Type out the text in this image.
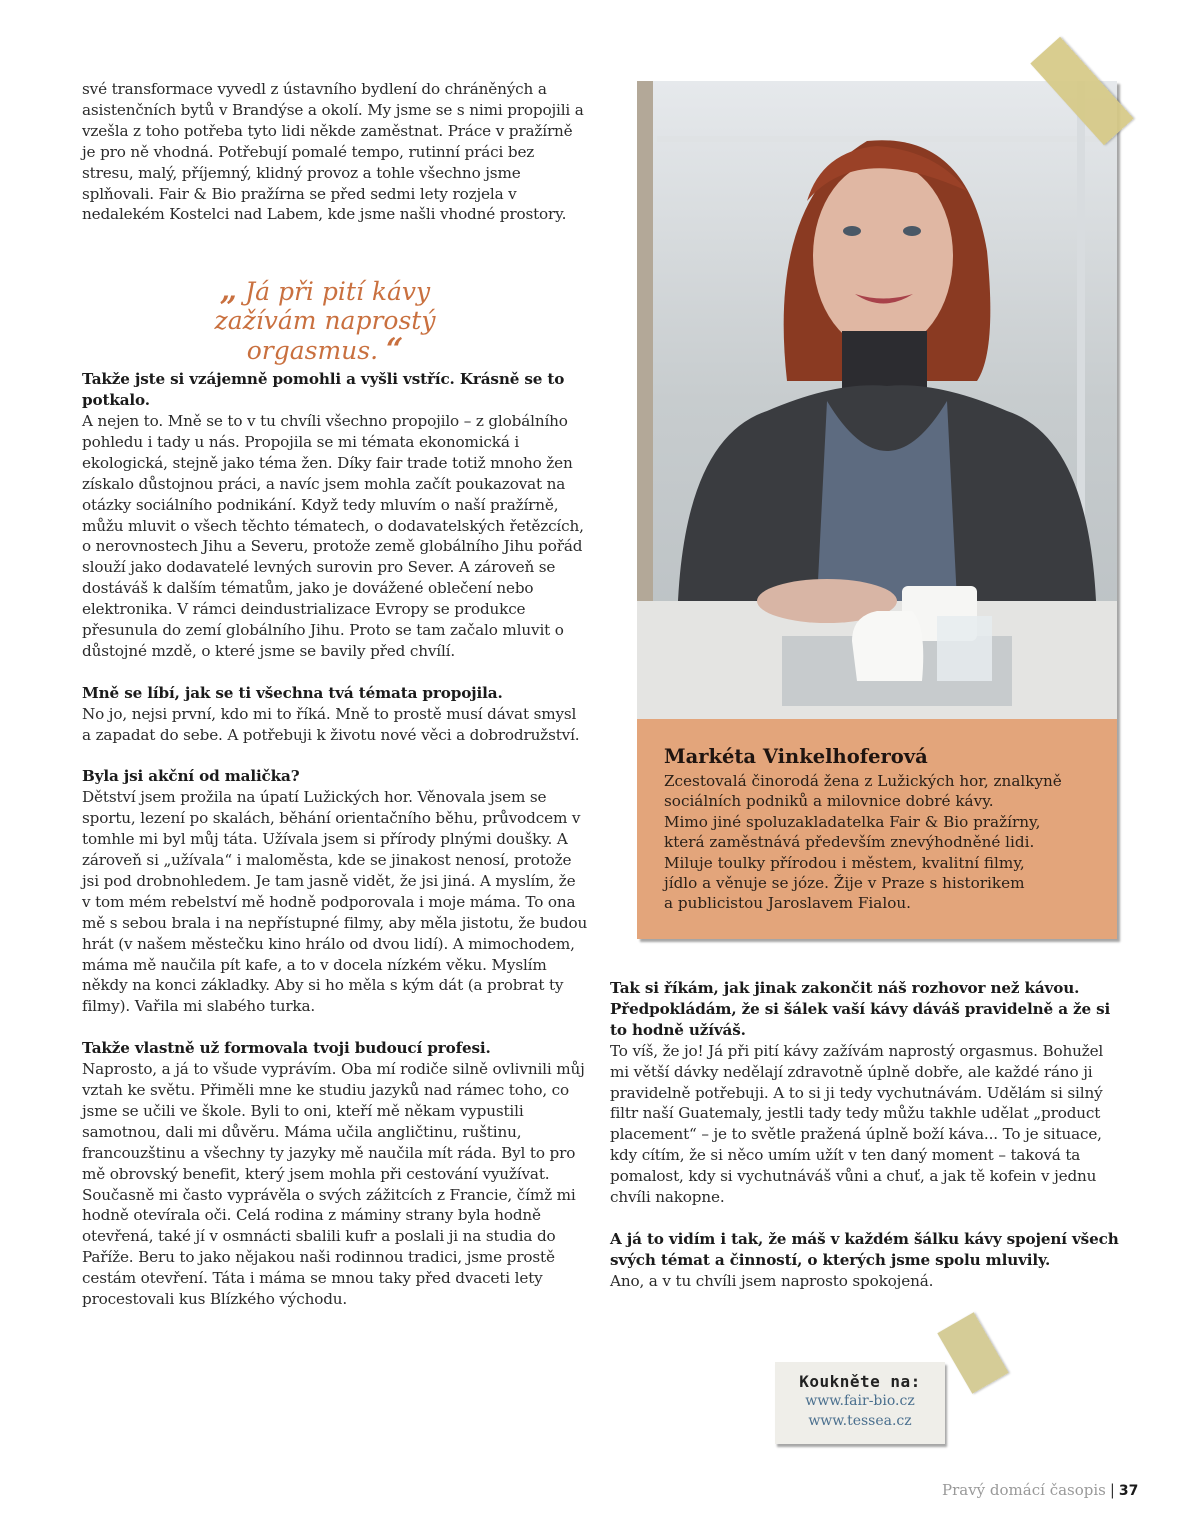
své transformace vyvedl z ústavního bydlení do chráněných a asistenčních bytů v Brandýse a okolí. My jsme se s nimi propojili a vzešla z toho potřeba tyto lidi někde zaměstnat. Práce v pražírně je pro ně vhodná. Potřebují pomalé tempo, rutinní práci bez stresu, malý, příjemný, klidný provoz a tohle všechno jsme splňovali. Fair & Bio pražírna se před sedmi lety rozjela v nedalekém Kostelci nad Labem, kde jsme našli vhodné prostory.

Takže jste si vzájemně pomohli a vyšli vstříc. Krásně se to potkalo.
A nejen to. Mně se to v tu chvíli všechno propojilo – z globálního pohledu i tady u nás. Propojila se mi témata ekonomická i ekologická, stejně jako téma žen. Díky fair trade totiž mnoho žen získalo důstojnou práci, a navíc jsem mohla začít poukazovat na otázky sociálního podnikání. Když tedy mluvím o naší pražírně, můžu mluvit o všech těchto tématech, o dodavatelských řetězcích, o nerovnostech Jihu a Severu, protože země globálního Jihu pořád slouží jako dodavatelé levných surovin pro Sever. A zároveň se dostáváš k dalším tématům, jako je dovážené oblečení nebo elektronika. V rámci deindustrializace Evropy se produkce přesunula do zemí globálního Jihu. Proto se tam začalo mluvit o důstojné mzdě, o které jsme se bavily před chvílí.

Mně se líbí, jak se ti všechna tvá témata propojila.
No jo, nejsi první, kdo mi to říká. Mně to prostě musí dávat smysl a zapadat do sebe. A potřebuji k životu nové věci a dobrodružství.

Byla jsi akční od malička?
Dětství jsem prožila na úpatí Lužických hor. Věnovala jsem se sportu, lezení po skalách, běhání orientačního běhu, průvodcem v tomhle mi byl můj táta. Užívala jsem si přírody plnými doušky. A zároveň si „užívala“ i maloměsta, kde se jinakost nenosí, protože jsi pod drobnohledem. Je tam jasně vidět, že jsi jiná. A myslím, že v tom mém rebelství mě hodně podporovala i moje máma. To ona mě s sebou brala i na nepřístupné filmy, aby měla jistotu, že budou hrát (v našem městečku kino hrálo od dvou lidí). A mimochodem, máma mě naučila pít kafe, a to v docela nízkém věku. Myslím někdy na konci základky. Aby si ho měla s kým dát (a probrat ty filmy). Vařila mi slabého turka.

Takže vlastně už formovala tvoji budoucí profesi.
Naprosto, a já to všude vyprávím. Oba mí rodiče silně ovlivnili můj vztah ke světu. Přiměli mne ke studiu jazyků nad rámec toho, co jsme se učili ve škole. Byli to oni, kteří mě někam vypustili samotnou, dali mi důvěru. Máma učila angličtinu, ruštinu, francouzštinu a všechny ty jazyky mě naučila mít ráda. Byl to pro mě obrovský benefit, který jsem mohla při cestování využívat. Současně mi často vyprávěla o svých zážitcích z Francie, čímž mi hodně otevírala oči. Celá rodina z máminy strany byla hodně otevřená, také jí v osmnácti sbalili kufr a poslali ji na studia do Paříže. Beru to jako nějakou naši rodinnou tradici, jsme prostě cestám otevření. Táta i máma se mnou taky před dvaceti lety procestovali kus Blízkého východu.

„ Já při pití kávy
zažívám naprostý
orgasmus. “
Markéta Vinkelhoferová
Zcestovalá činorodá žena z Lužických hor, znalkyně
sociálních podniků a milovnice dobré kávy.
Mimo jiné spoluzakladatelka Fair & Bio pražírny,
která zaměstnává především znevýhodněné lidi.
Miluje toulky přírodou i městem, kvalitní filmy,
jídlo a věnuje se józe. Žije v Praze s historikem
a publicistou Jaroslavem Fialou.

Tak si říkám, jak jinak zakončit náš rozhovor než kávou. Předpokládám, že si šálek vaší kávy dáváš pravidelně a že si to hodně užíváš.
To víš, že jo! Já při pití kávy zažívám naprostý orgasmus. Bohužel mi větší dávky nedělají zdravotně úplně dobře, ale každé ráno ji pravidelně potřebuji. A to si ji tedy vychutnávám. Udělám si silný filtr naší Guatemaly, jestli tady tedy můžu takhle udělat „product placement“ – je to světle pražená úplně boží káva... To je situace, kdy cítím, že si něco umím užít v ten daný moment – taková ta pomalost, kdy si vychutnáváš vůni a chuť, a jak tě kofein v jednu chvíli nakopne.

A já to vidím i tak, že máš v každém šálku kávy spojení všech svých témat a činností, o kterých jsme spolu mluvily.
Ano, a v tu chvíli jsem naprosto spokojená.

Koukněte na:
www.fair-bio.cz
www.tessea.cz
Pravý domácí časopis | 37
